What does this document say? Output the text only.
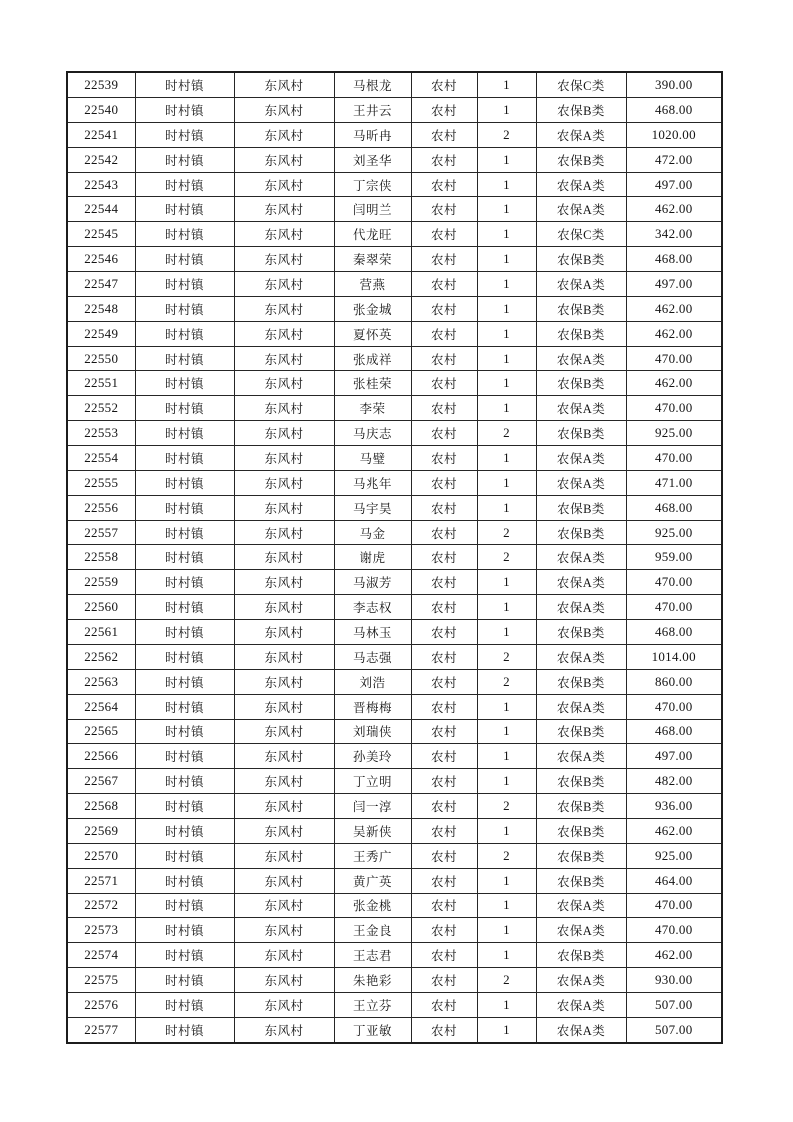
22539	时村镇	东风村	马根龙	农村	1	农保C类	390.00
22540	时村镇	东风村	王井云	农村	1	农保B类	468.00
22541	时村镇	东风村	马昕冉	农村	2	农保A类	1020.00
22542	时村镇	东风村	刘圣华	农村	1	农保B类	472.00
22543	时村镇	东风村	丁宗侠	农村	1	农保A类	497.00
22544	时村镇	东风村	闫明兰	农村	1	农保A类	462.00
22545	时村镇	东风村	代龙旺	农村	1	农保C类	342.00
22546	时村镇	东风村	秦翠荣	农村	1	农保B类	468.00
22547	时村镇	东风村	营燕	农村	1	农保A类	497.00
22548	时村镇	东风村	张金城	农村	1	农保B类	462.00
22549	时村镇	东风村	夏怀英	农村	1	农保B类	462.00
22550	时村镇	东风村	张成祥	农村	1	农保A类	470.00
22551	时村镇	东风村	张桂荣	农村	1	农保B类	462.00
22552	时村镇	东风村	李荣	农村	1	农保A类	470.00
22553	时村镇	东风村	马庆志	农村	2	农保B类	925.00
22554	时村镇	东风村	马璧	农村	1	农保A类	470.00
22555	时村镇	东风村	马兆年	农村	1	农保A类	471.00
22556	时村镇	东风村	马宇昊	农村	1	农保B类	468.00
22557	时村镇	东风村	马金	农村	2	农保B类	925.00
22558	时村镇	东风村	谢虎	农村	2	农保A类	959.00
22559	时村镇	东风村	马淑芳	农村	1	农保A类	470.00
22560	时村镇	东风村	李志权	农村	1	农保A类	470.00
22561	时村镇	东风村	马林玉	农村	1	农保B类	468.00
22562	时村镇	东风村	马志强	农村	2	农保A类	1014.00
22563	时村镇	东风村	刘浩	农村	2	农保B类	860.00
22564	时村镇	东风村	晋梅梅	农村	1	农保A类	470.00
22565	时村镇	东风村	刘瑞侠	农村	1	农保B类	468.00
22566	时村镇	东风村	孙美玲	农村	1	农保A类	497.00
22567	时村镇	东风村	丁立明	农村	1	农保B类	482.00
22568	时村镇	东风村	闫一淳	农村	2	农保B类	936.00
22569	时村镇	东风村	吴新侠	农村	1	农保B类	462.00
22570	时村镇	东风村	王秀广	农村	2	农保B类	925.00
22571	时村镇	东风村	黄广英	农村	1	农保B类	464.00
22572	时村镇	东风村	张金桃	农村	1	农保A类	470.00
22573	时村镇	东风村	王金良	农村	1	农保A类	470.00
22574	时村镇	东风村	王志君	农村	1	农保B类	462.00
22575	时村镇	东风村	朱艳彩	农村	2	农保A类	930.00
22576	时村镇	东风村	王立芬	农村	1	农保A类	507.00
22577	时村镇	东风村	丁亚敏	农村	1	农保A类	507.00
